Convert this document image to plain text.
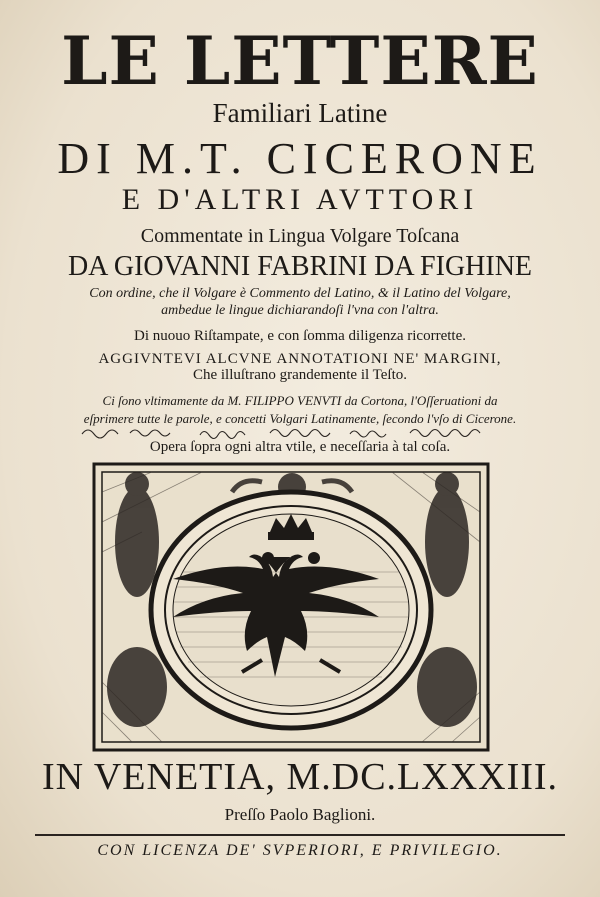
LE LETTERE
Familiari Latine
DI M.T. CICERONE
E D'ALTRI AVTTORI
Commentate in Lingua Volgare Toſcana
DA GIOVANNI FABRINI DA FIGHINE
Con ordine, che il Volgare è Commento del Latino, & il Latino del Volgare,
ambedue le lingue dichiarandoſi l'vna con l'altra.
Di nuouo Riſtampate, e con ſomma diligenza ricorrette.
AGGIVNTEVI ALCVNE ANNOTATIONI NE' MARGINI,
Che illuſtrano grandemente il Teſto.
Ci ſono vltimamente da M. FILIPPO VENVTI da Cortona, l'Oſſeruationi da
eſprimere tutte le parole, e concetti Volgari Latinamente, ſecondo l'vſo di Cicerone.
Opera ſopra ogni altra vtile, e neceſſaria à tal coſa.
IN VENETIA, M.DC.LXXXIII.
Preſſo Paolo Baglioni.
CON LICENZA DE' SVPERIORI, E PRIVILEGIO.
